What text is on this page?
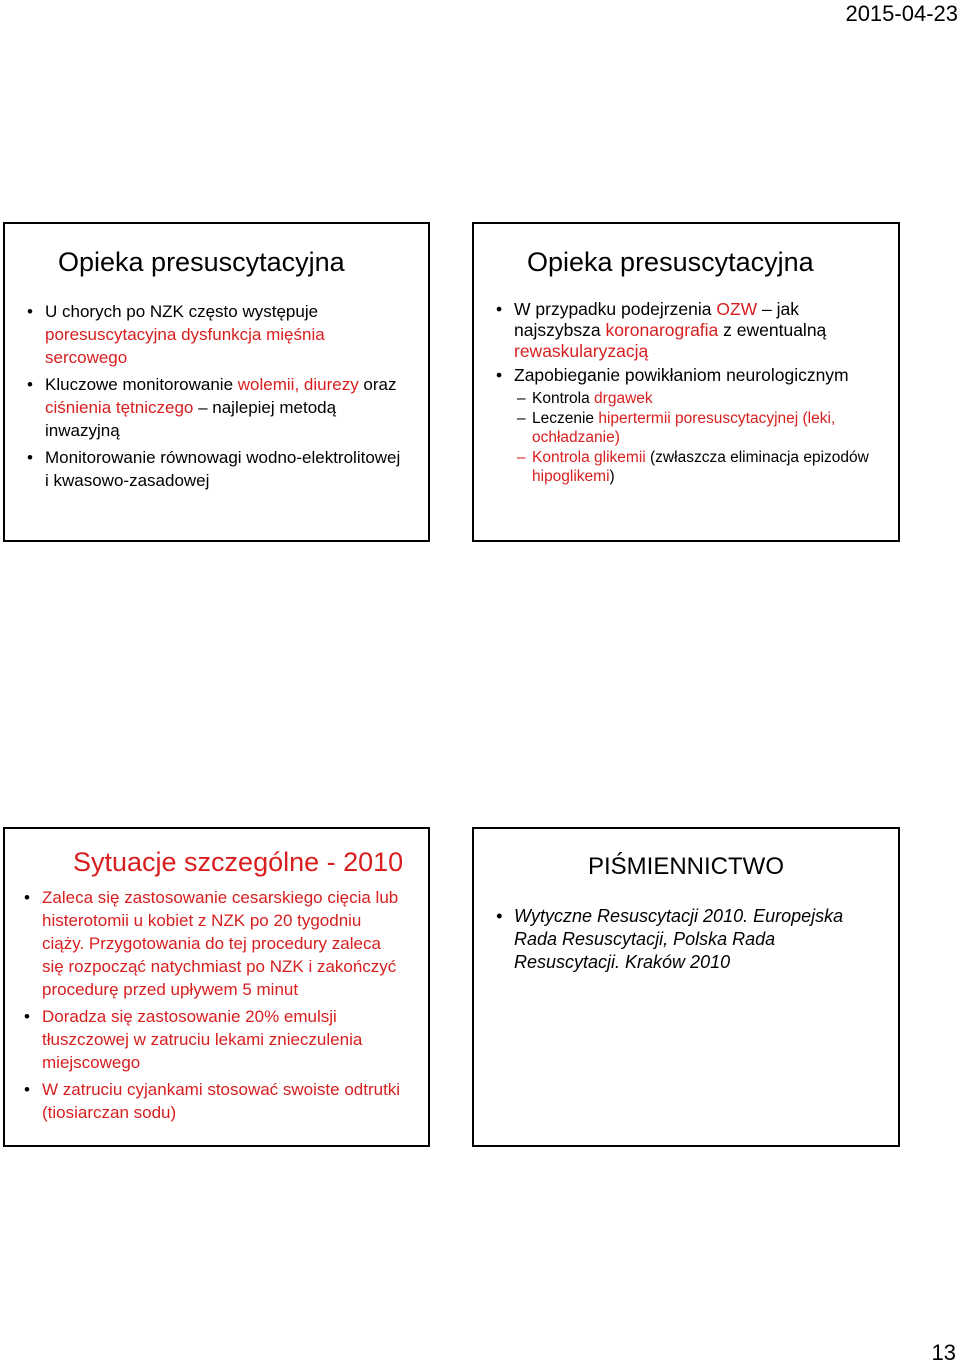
2015-04-23
Opieka presuscytacyjna
• U chorych po NZK często występuje poresuscytacyjna dysfunkcja mięśnia sercowego
• Kluczowe monitorowanie wolemii, diurezy oraz ciśnienia tętniczego – najlepiej metodą inwazyjną
• Monitorowanie równowagi wodno-elektrolitowej i kwasowo-zasadowej
Opieka presuscytacyjna
• W przypadku podejrzenia OZW – jak najszybsza koronarografia z ewentualną rewaskularyzacją
• Zapobieganie powikłaniom neurologicznym
– Kontrola drgawek
– Leczenie hipertermii poresuscytacyjnej (leki, ochładzanie)
– Kontrola glikemii (zwłaszcza eliminacja epizodów hipoglikemi)
Sytuacje szczególne - 2010
• Zaleca się zastosowanie cesarskiego cięcia lub histerotomii u kobiet z NZK po 20 tygodniu ciąży. Przygotowania do tej procedury zaleca się rozpocząć natychmiast po NZK i zakończyć procedurę przed upływem 5 minut
• Doradza się zastosowanie 20% emulsji tłuszczowej w zatruciu lekami znieczulenia miejscowego
• W zatruciu cyjankami stosować swoiste odtrutki (tiosiarczan sodu)
PIŚMIENNICTWO
• Wytyczne Resuscytacji 2010. Europejska Rada Resuscytacji, Polska Rada Resuscytacji. Kraków 2010
13
